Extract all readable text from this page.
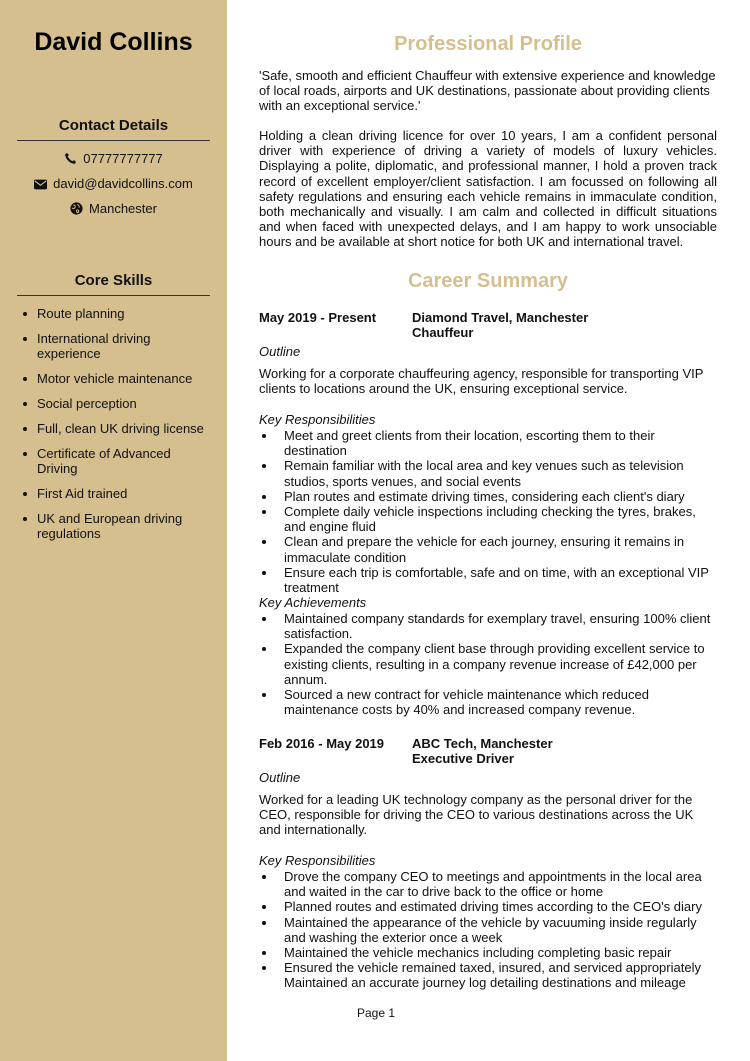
David Collins
Contact Details
07777777777
david@davidcollins.com
Manchester
Core Skills
Route planning
International driving experience
Motor vehicle maintenance
Social perception
Full, clean UK driving license
Certificate of Advanced Driving
First Aid trained
UK and European driving regulations
Professional Profile

'Safe, smooth and efficient Chauffeur with extensive experience and knowledge of local roads, airports and UK destinations, passionate about providing clients with an exceptional service.'

Holding a clean driving licence for over 10 years, I am a confident personal driver with experience of driving a variety of models of luxury vehicles. Displaying a polite, diplomatic, and professional manner, I hold a proven track record of excellent employer/client satisfaction. I am focussed on following all safety regulations and ensuring each vehicle remains in immaculate condition, both mechanically and visually. I am calm and collected in difficult situations and when faced with unexpected delays, and I am happy to work unsociable hours and be available at short notice for both UK and international travel.

Career Summary
May 2019 - Present	Diamond Travel, Manchester
Chauffeur
Outline

Working for a corporate chauffeuring agency, responsible for transporting VIP clients to locations around the UK, ensuring exceptional service.

Key Responsibilities
Meet and greet clients from their location, escorting them to their destination
Remain familiar with the local area and key venues such as television studios, sports venues, and social events
Plan routes and estimate driving times, considering each client's diary
Complete daily vehicle inspections including checking the tyres, brakes, and engine fluid
Clean and prepare the vehicle for each journey, ensuring it remains in immaculate condition
Ensure each trip is comfortable, safe and on time, with an exceptional VIP treatment
Key Achievements
Maintained company standards for exemplary travel, ensuring 100% client satisfaction.
Expanded the company client base through providing excellent service to existing clients, resulting in a company revenue increase of £42,000 per annum.
Sourced a new contract for vehicle maintenance which reduced maintenance costs by 40% and increased company revenue.
Feb 2016 - May 2019 ABC Tech, Manchester
Executive Driver
Outline

Worked for a leading UK technology company as the personal driver for the CEO, responsible for driving the CEO to various destinations across the UK and internationally.

Key Responsibilities
Drove the company CEO to meetings and appointments in the local area and waited in the car to drive back to the office or home
Planned routes and estimated driving times according to the CEO's diary
Maintained the appearance of the vehicle by vacuuming inside regularly and washing the exterior once a week
Maintained the vehicle mechanics including completing basic repair
Ensured the vehicle remained taxed, insured, and serviced appropriately
Maintained an accurate journey log detailing destinations and mileage
Page 1
